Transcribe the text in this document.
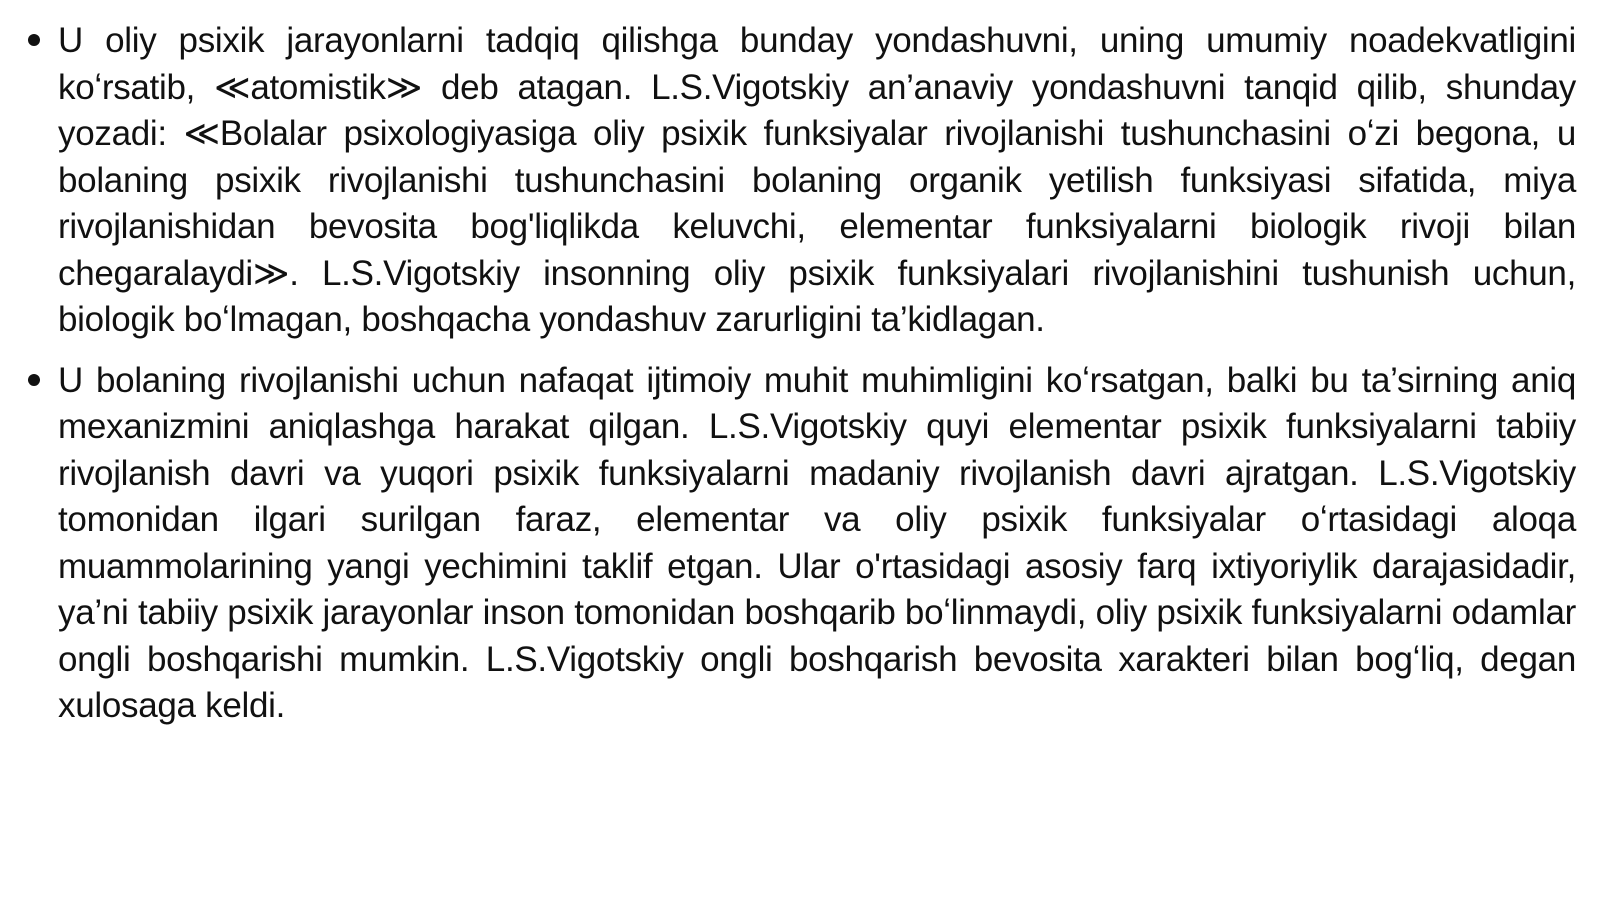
U oliy psixik jarayonlarni tadqiq qilishga bunday yondashuvni, uning umumiy noadekvatligini koʻrsatib, ≪atomistik≫ deb atagan. L.S.Vigotskiy an’anaviy yondashuvni tanqid qilib, shunday yozadi: ≪Bolalar psixologiyasiga oliy psixik funksiyalar rivojlanishi tushunchasini oʻzi begona, u bolaning psixik rivojlanishi tushunchasini bolaning organik yetilish funksiyasi sifatida, miya rivojlanishidan bevosita bog'liqlikda keluvchi, elementar funksiyalarni biologik rivoji bilan chegaralaydi≫. L.S.Vigotskiy insonning oliy psixik funksiyalari rivojlanishini tushunish uchun, biologik boʻlmagan, boshqacha yondashuv zarurligini ta’kidlagan.

U bolaning rivojlanishi uchun nafaqat ijtimoiy muhit muhimligini koʻrsatgan, balki bu ta’sirning aniq mexanizmini aniqlashga harakat qilgan. L.S.Vigotskiy quyi elementar psixik funksiyalarni tabiiy rivojlanish davri va yuqori psixik funksiyalarni madaniy rivojlanish davri ajratgan. L.S.Vigotskiy tomonidan ilgari surilgan faraz, elementar va oliy psixik funksiyalar oʻrtasidagi aloqa muammolarining yangi yechimini taklif etgan. Ular o'rtasidagi asosiy farq ixtiyoriylik darajasidadir, ya’ni tabiiy psixik jarayonlar inson tomonidan boshqarib boʻlinmaydi, oliy psixik funksiyalarni odamlar ongli boshqarishi mumkin. L.S.Vigotskiy ongli boshqarish bevosita xarakteri bilan bogʻliq, degan xulosaga keldi.
